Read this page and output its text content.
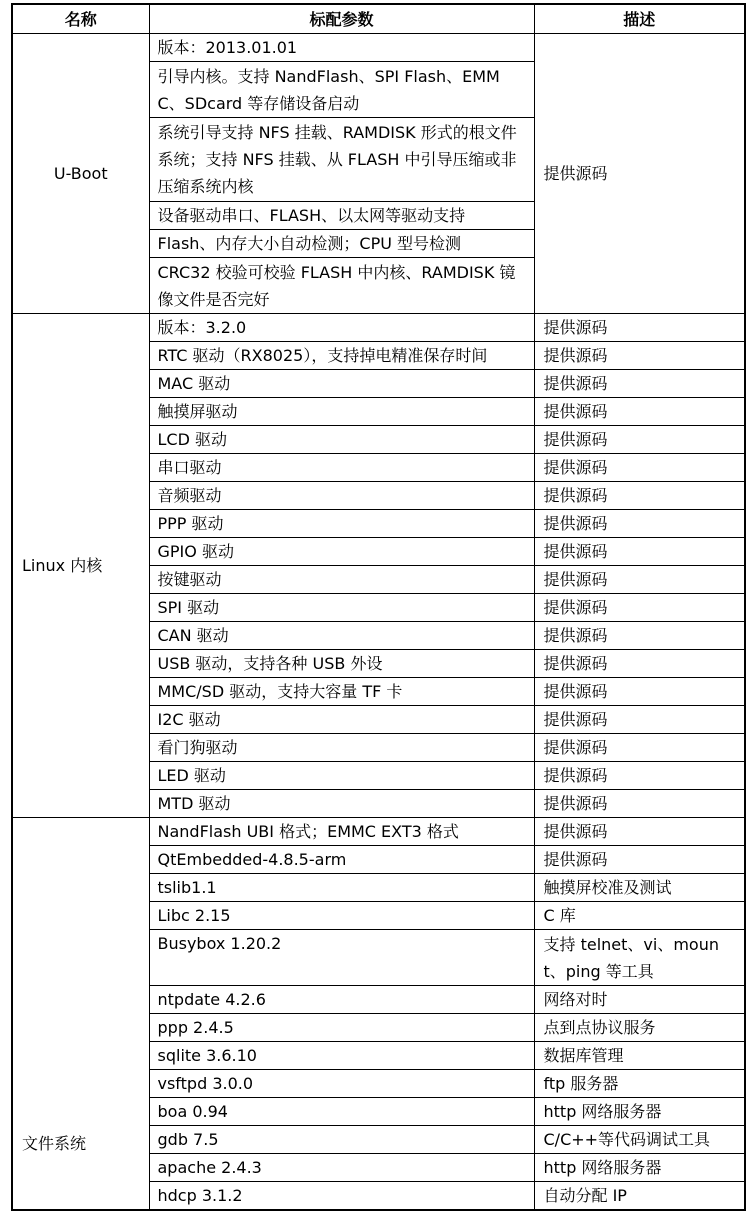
名称	标配参数	描述
U-Boot	版本：2013.01.01	提供源码
	引导内核。支持 NandFlash、SPI Flash、EMMC、SDcard 等存储设备启动	
	系统引导支持 NFS 挂载、RAMDISK 形式的根文件系统；支持 NFS 挂载、从 FLASH 中引导压缩或非压缩系统内核	
	设备驱动串口、FLASH、以太网等驱动支持	
	Flash、内存大小自动检测；CPU 型号检测	
	CRC32 校验可校验 FLASH 中内核、RAMDISK 镜像文件是否完好	
Linux 内核	版本：3.2.0	提供源码
	RTC 驱动（RX8025），支持掉电精准保存时间	提供源码
	MAC 驱动	提供源码
	触摸屏驱动	提供源码
	LCD 驱动	提供源码
	串口驱动	提供源码
	音频驱动	提供源码
	PPP 驱动	提供源码
	GPIO 驱动	提供源码
	按键驱动	提供源码
	SPI 驱动	提供源码
	CAN 驱动	提供源码
	USB 驱动，支持各种 USB 外设	提供源码
	MMC/SD 驱动，支持大容量 TF 卡	提供源码
	I2C 驱动	提供源码
	看门狗驱动	提供源码
	LED 驱动	提供源码
	MTD 驱动	提供源码
文件系统	NandFlash UBI 格式；EMMC EXT3 格式	提供源码
	QtEmbedded-4.8.5-arm	提供源码
	tslib1.1	触摸屏校准及测试
	Libc 2.15	C 库
	Busybox 1.20.2	支持 telnet、vi、mount、ping 等工具
	ntpdate 4.2.6	网络对时
	ppp 2.4.5	点到点协议服务
	sqlite 3.6.10	数据库管理
	vsftpd 3.0.0	ftp 服务器
	boa 0.94	http 网络服务器
	gdb 7.5	C/C++等代码调试工具
	apache 2.4.3	http 网络服务器
	hdcp 3.1.2	自动分配 IP
